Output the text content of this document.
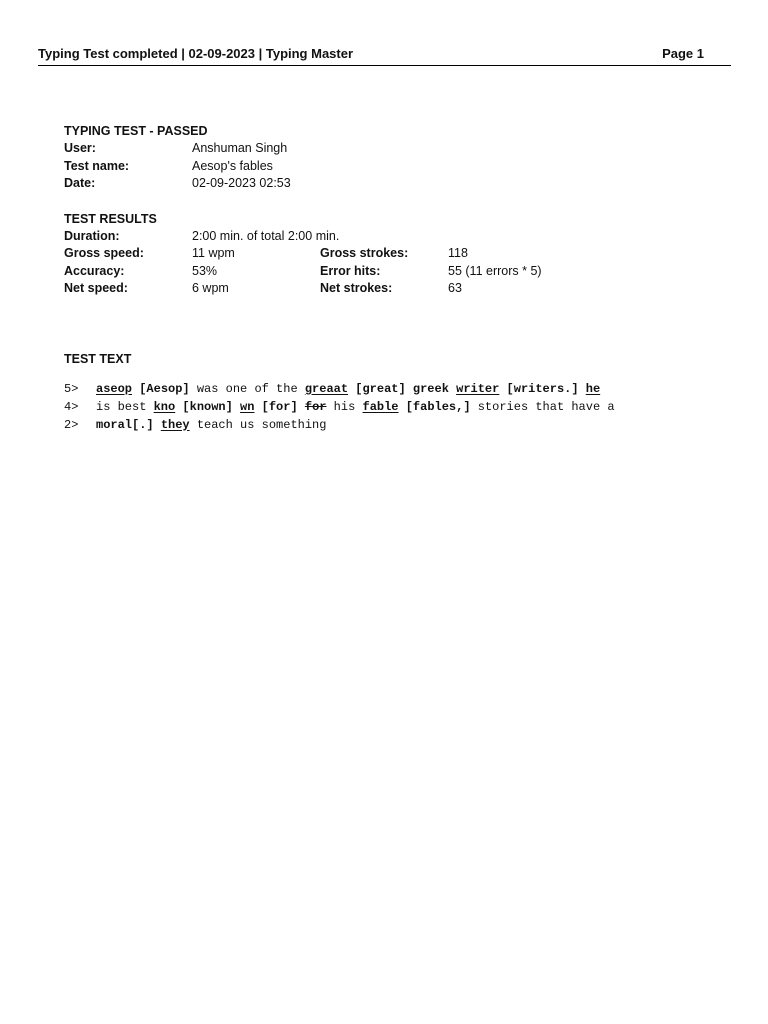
Typing Test completed | 02-09-2023 | Typing Master	Page 1
TYPING TEST - PASSED
User:	Anshuman Singh
Test name:	Aesop's fables
Date:	02-09-2023 02:53
TEST RESULTS
Duration:	2:00 min. of total 2:00 min.
Gross speed:	11 wpm	Gross strokes:	118
Accuracy:	53%	Error hits:	55 (11 errors * 5)
Net speed:	6 wpm	Net strokes:	63
TEST TEXT
5> aseop [Aesop] was one of the greaat [great] greek writer [writers.] he
4> is best kno [known] wn [for] for his fable [fables,] stories that have a
2> moral[.] they teach us something
